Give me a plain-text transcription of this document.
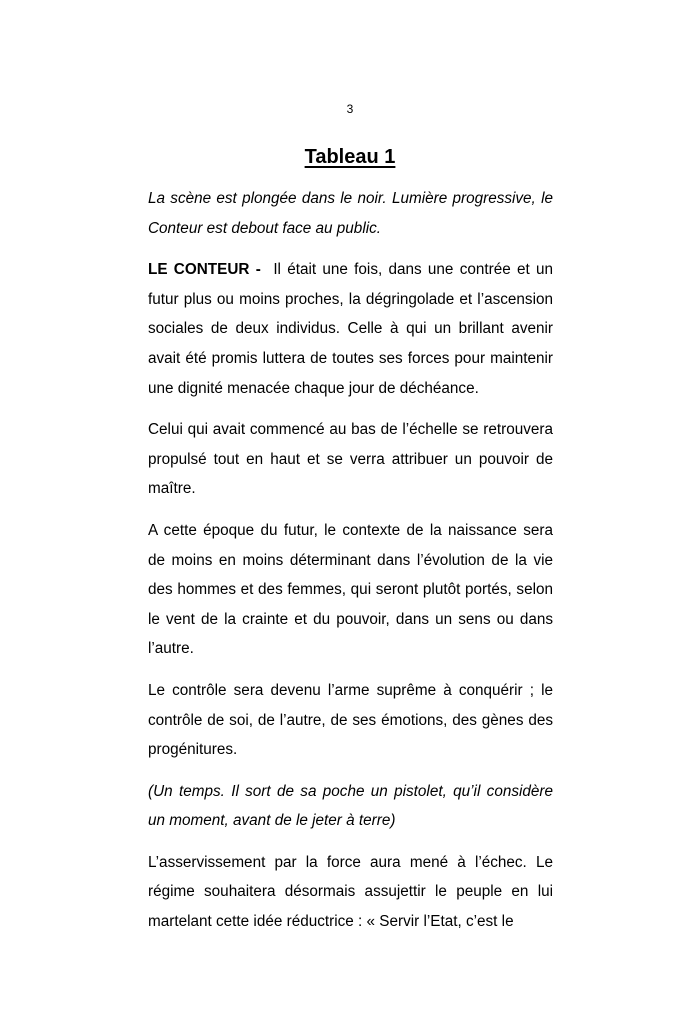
3
Tableau 1

La scène est plongée dans le noir. Lumière progressive, le Conteur est debout face au public.

LE CONTEUR - Il était une fois, dans une contrée et un futur plus ou moins proches, la dégringolade et l’ascension sociales de deux individus. Celle à qui un brillant avenir avait été promis luttera de toutes ses forces pour maintenir une dignité menacée chaque jour de déchéance.

Celui qui avait commencé au bas de l’échelle se retrouvera propulsé tout en haut et se verra attribuer un pouvoir de maître.

A cette époque du futur, le contexte de la naissance sera de moins en moins déterminant dans l’évolution de la vie des hommes et des femmes, qui seront plutôt portés, selon le vent de la crainte et du pouvoir, dans un sens ou dans l’autre.

Le contrôle sera devenu l’arme suprême à conquérir ; le contrôle de soi, de l’autre, de ses émotions, des gènes des progénitures.

(Un temps. Il sort de sa poche un pistolet, qu’il considère un moment, avant de le jeter à terre)

L’asservissement par la force aura mené à l’échec. Le régime souhaitera désormais assujettir le peuple en lui martelant cette idée réductrice : « Servir l’Etat, c’est le
